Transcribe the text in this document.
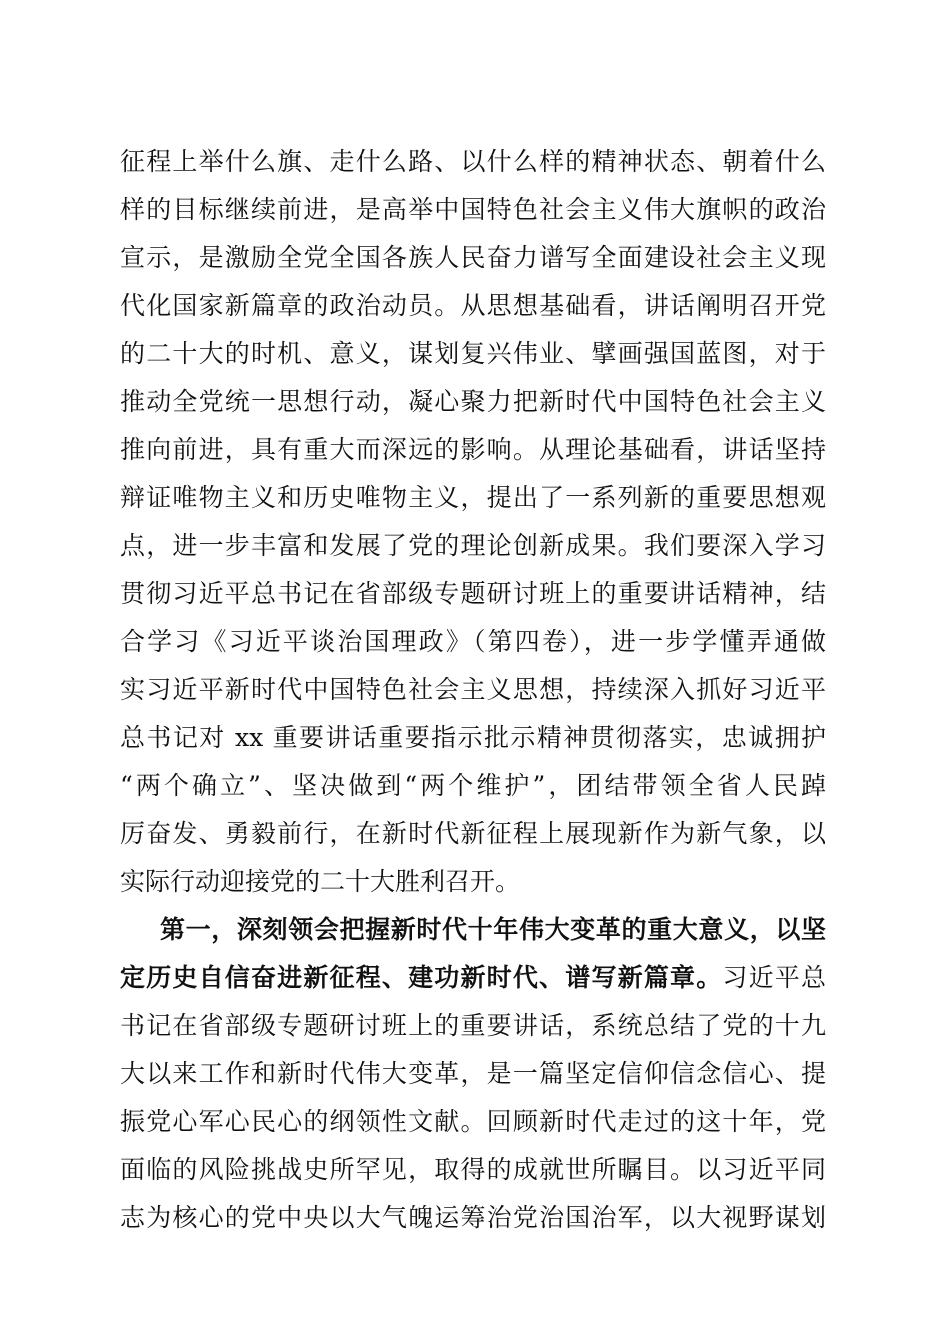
征程上举什么旗、走什么路、以什么样的精神状态、朝着什么
样的目标继续前进，是高举中国特色社会主义伟大旗帜的政治
宣示，是激励全党全国各族人民奋力谱写全面建设社会主义现
代化国家新篇章的政治动员。从思想基础看，讲话阐明召开党
的二十大的时机、意义，谋划复兴伟业、擘画强国蓝图，对于
推动全党统一思想行动，凝心聚力把新时代中国特色社会主义
推向前进，具有重大而深远的影响。从理论基础看，讲话坚持
辩证唯物主义和历史唯物主义，提出了一系列新的重要思想观
点，进一步丰富和发展了党的理论创新成果。我们要深入学习
贯彻习近平总书记在省部级专题研讨班上的重要讲话精神，结
合学习《习近平谈治国理政》（第四卷），进一步学懂弄通做
实习近平新时代中国特色社会主义思想，持续深入抓好习近平
总书记对 xx 重要讲话重要指示批示精神贯彻落实，忠诚拥护
“两个确立”、坚决做到“两个维护”，团结带领全省人民踔
厉奋发、勇毅前行，在新时代新征程上展现新作为新气象，以
实际行动迎接党的二十大胜利召开。
第一，深刻领会把握新时代十年伟大变革的重大意义，以坚
定历史自信奋进新征程、建功新时代、谱写新篇章。习近平总
书记在省部级专题研讨班上的重要讲话，系统总结了党的十九
大以来工作和新时代伟大变革，是一篇坚定信仰信念信心、提
振党心军心民心的纲领性文献。回顾新时代走过的这十年，党
面临的风险挑战史所罕见，取得的成就世所瞩目。以习近平同
志为核心的党中央以大气魄运筹治党治国治军，以大视野谋划
